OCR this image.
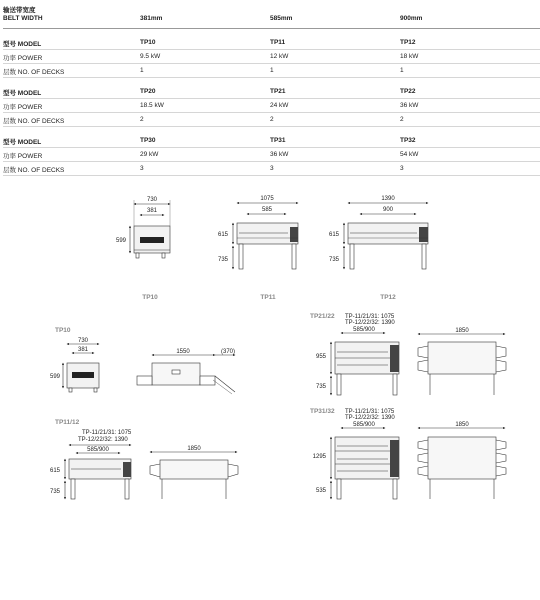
输送带宽度
BELT WIDTH	381mm	585mm	900mm
型号 MODEL	TP10	TP11	TP12
功率 POWER	9.5 kW	12 kW	18 kW
层数 NO. OF DECKS	1	1	1
型号 MODEL	TP20	TP21	TP22
功率 POWER	18.5 kW	24 kW	36 kW
层数 NO. OF DECKS	2	2	2
型号 MODEL	TP30	TP31	TP32
功率 POWER	29 kW	36 kW	54 kW
层数 NO. OF DECKS	3	3	3
730
381
599
1075
585
615
735
1390
900
615
735
TP10	TP11	TP12
TP10
730
381
599
1550	(370)
TP11/12
TP-11/21/31: 1075
TP-12/22/32: 1390
585/900
615
735
1850
TP21/22 TP-11/21/31: 1075
TP-12/22/32: 1390
585/900
955
735
1850
TP31/32 TP-11/21/31: 1075
TP-12/22/32: 1390
585/900
1295
535
1850
